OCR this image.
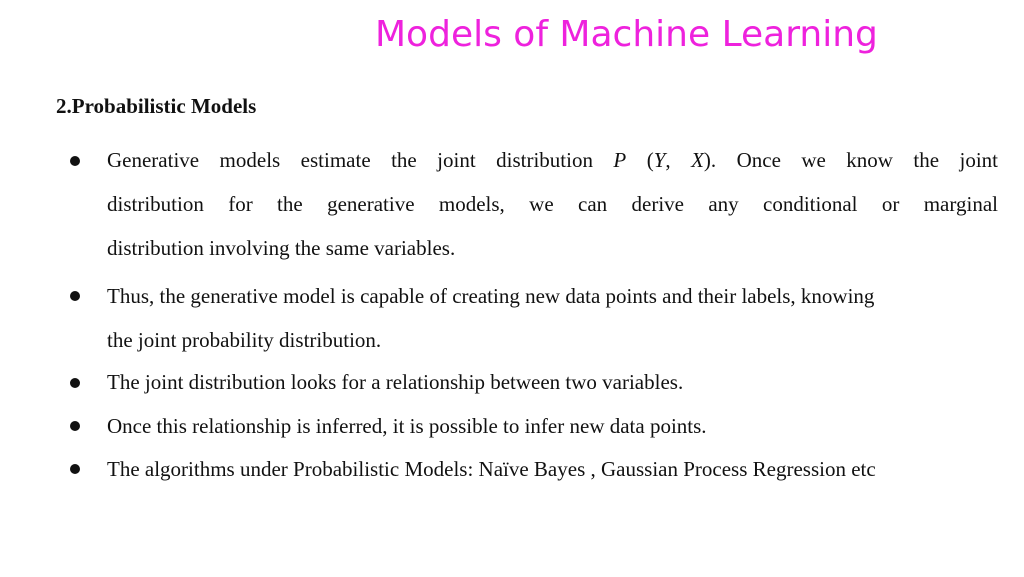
Models of Machine Learning
2.Probabilistic Models
Generative models estimate the joint distribution P (Y, X). Once we know the joint
distribution for the generative models, we can derive any conditional or marginal
distribution involving the same variables.
Thus, the generative model is capable of creating new data points and their labels, knowing
the joint probability distribution.
The joint distribution looks for a relationship between two variables.
Once this relationship is inferred, it is possible to infer new data points.
The algorithms under Probabilistic Models: Naïve Bayes , Gaussian Process Regression etc
